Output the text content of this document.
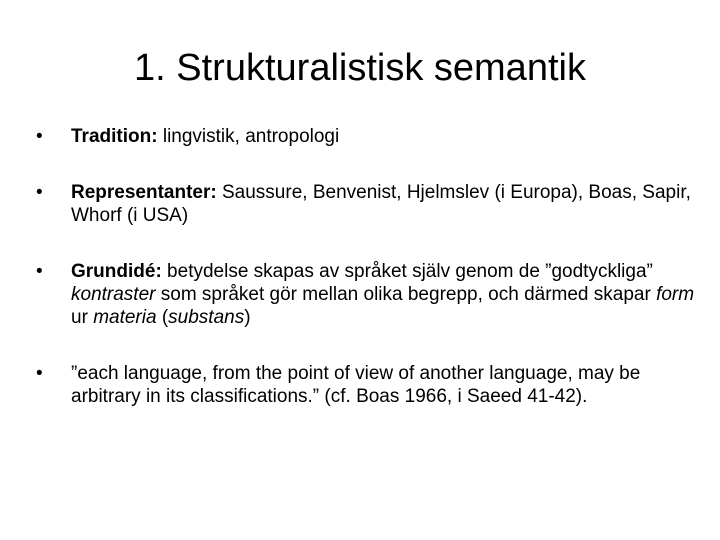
1. Strukturalistisk semantik
•	Tradition: lingvistik, antropologi
•	Representanter: Saussure, Benvenist, Hjelmslev (i Europa), Boas, Sapir, Whorf (i USA)
•	Grundidé: betydelse skapas av språket själv genom de ”godtyckliga” kontraster som språket gör mellan olika begrepp, och därmed skapar form ur materia (substans)
•	”each language, from the point of view of another language, may be arbitrary in its classifications.” (cf. Boas 1966, i Saeed 41-42).
